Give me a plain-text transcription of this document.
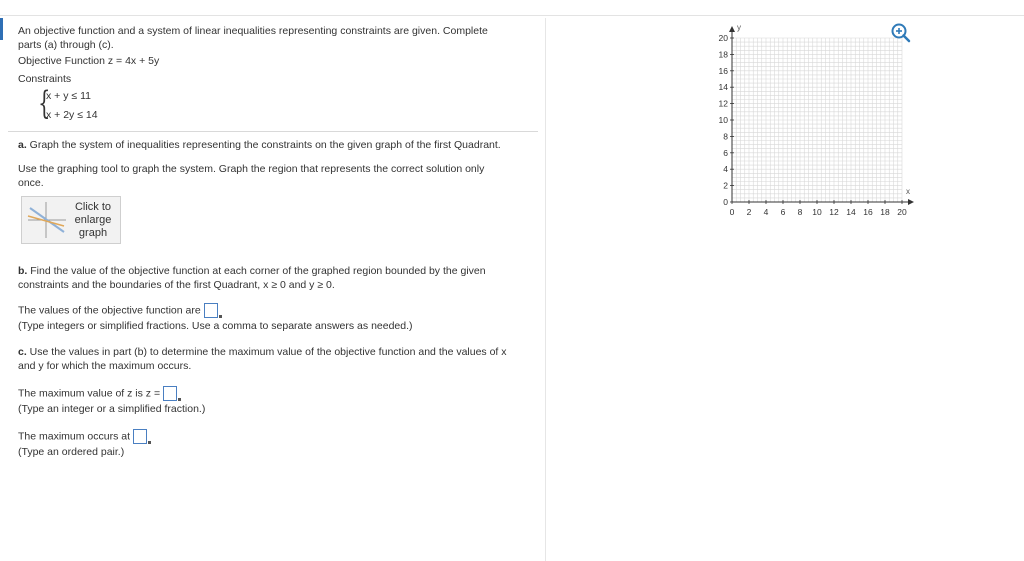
An objective function and a system of linear inequalities representing constraints are given. Complete
parts (a) through (c).

Objective Function z = 4x + 5y

Constraints

{
x + y ≤ 11
x + 2y ≤ 14

a. Graph the system of inequalities representing the constraints on the given graph of the first Quadrant.

Use the graphing tool to graph the system. Graph the region that represents the correct solution only
once.

Click to
enlarge
graph

b. Find the value of the objective function at each corner of the graphed region bounded by the given
constraints and the boundaries of the first Quadrant, x ≥ 0 and y ≥ 0.

The values of the objective function are

(Type integers or simplified fractions. Use a comma to separate answers as needed.)

c. Use the values in part (b) to determine the maximum value of the objective function and the values of x
and y for which the maximum occurs.

The maximum value of z is z =

(Type an integer or a simplified fraction.)

The maximum occurs at

(Type an ordered pair.)

0 2 4 6 8 10 12 14 16 18 20
0
2
4
6
8
10
12
14
16
18
20
x
y
